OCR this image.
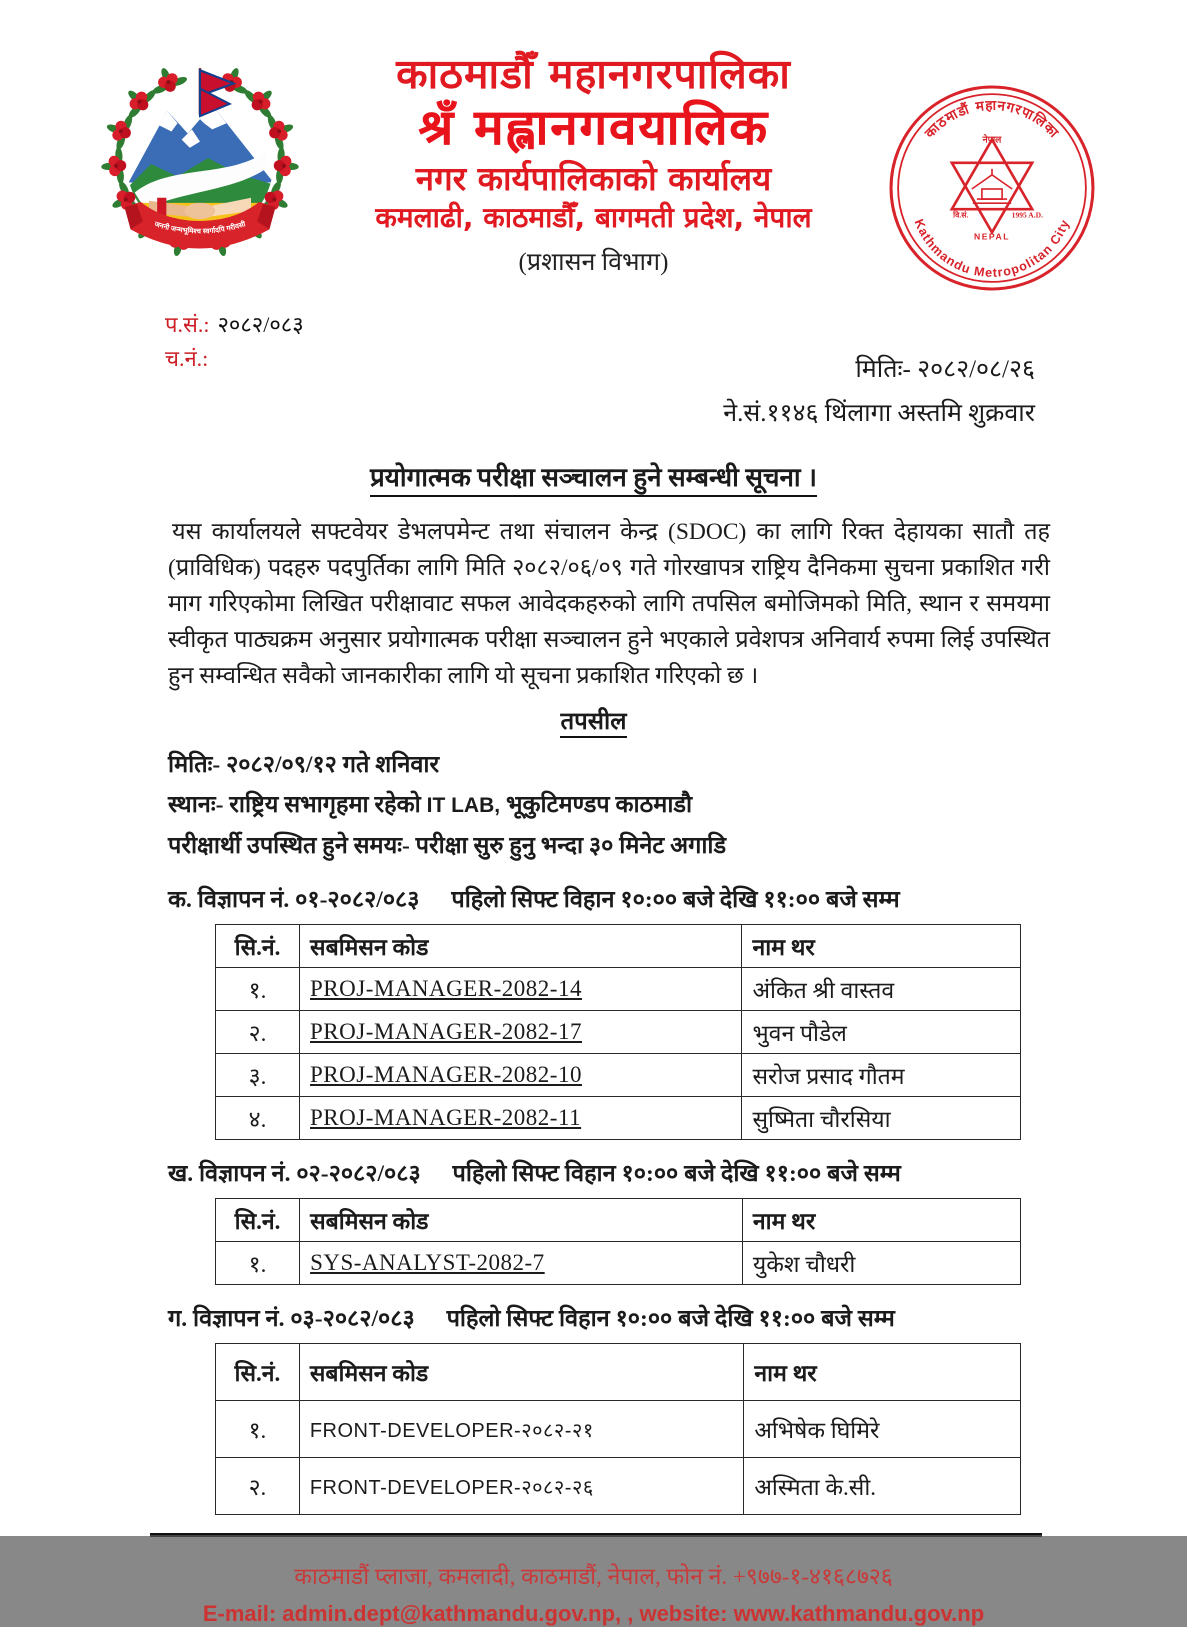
जननी जन्मभूमिश्च स्वर्गादपि गरीयसी
काठमाडौँ महानगरपालिका
श्रँ मह्लानगवयालिक
नगर कार्यपालिकाको कार्यालय
कमलाढी, काठमाडौँ, बागमती प्रदेश, नेपाल
(प्रशासन विभाग)
काठमाडौं महानगरपालिका
Kathmandu Metropolitan City
नेपाल
वि.सं.	1995 A.D.
NEPAL
प.सं.: २०८२/०८३
च.नं.:	मितिः- २०८२/०८/२६
ने.सं.११४६ थिंलागा अस्तमि शुक्रवार
प्रयोगात्मक परीक्षा सञ्चालन हुने सम्बन्धी सूचना ।
यस कार्यालयले सफ्टवेयर डेभलपमेन्ट तथा संचालन केन्द्र (SDOC) का लागि रिक्त देहायका सातौ तह (प्राविधिक) पदहरु पदपुर्तिका लागि मिति २०८२/०६/०९ गते गोरखापत्र राष्ट्रिय दैनिकमा सुचना प्रकाशित गरी माग गरिएकोमा लिखित परीक्षावाट सफल आवेदकहरुको लागि तपसिल बमोजिमको मिति, स्थान र समयमा स्वीकृत पाठ्यक्रम अनुसार प्रयोगात्मक परीक्षा सञ्चालन हुने भएकाले प्रवेशपत्र अनिवार्य रुपमा लिई उपस्थित हुन सम्वन्धित सवैको जानकारीका लागि यो सूचना प्रकाशित गरिएको छ ।
तपसील
मितिः- २०८२/०९/१२ गते शनिवार
स्थानः- राष्ट्रिय सभागृहमा रहेको IT LAB, भूकुटिमण्डप काठमाडौ
परीक्षार्थी उपस्थित हुने समयः- परीक्षा सुरु हुनु भन्दा ३० मिनेट अगाडि
क. विज्ञापन नं. ०१-२०८२/०८३ पहिलो सिफ्ट विहान १०:०० बजे देखि ११:०० बजे सम्म
सि.नं.	सबमिसन कोड	नाम थर
१.	PROJ-MANAGER-2082-14	अंकित श्री वास्तव
२.	PROJ-MANAGER-2082-17	भुवन पौडेल
३.	PROJ-MANAGER-2082-10	सरोज प्रसाद गौतम
४.	PROJ-MANAGER-2082-11	सुष्मिता चौरसिया
ख. विज्ञापन नं. ०२-२०८२/०८३ पहिलो सिफ्ट विहान १०:०० बजे देखि ११:०० बजे सम्म
सि.नं.	सबमिसन कोड	नाम थर
१.	SYS-ANALYST-2082-7	युकेश चौधरी
ग. विज्ञापन नं. ०३-२०८२/०८३ पहिलो सिफ्ट विहान १०:०० बजे देखि ११:०० बजे सम्म
सि.नं.	सबमिसन कोड	नाम थर
१.	FRONT-DEVELOPER-२०८२-२१	अभिषेक घिमिरे
२.	FRONT-DEVELOPER-२०८२-२६	अस्मिता के.सी.
काठमाडौं प्लाजा, कमलादी, काठमाडौं, नेपाल, फोन नं. +९७७-१-४१६८७२६
E-mail: admin.dept@kathmandu.gov.np, , website: www.kathmandu.gov.np
